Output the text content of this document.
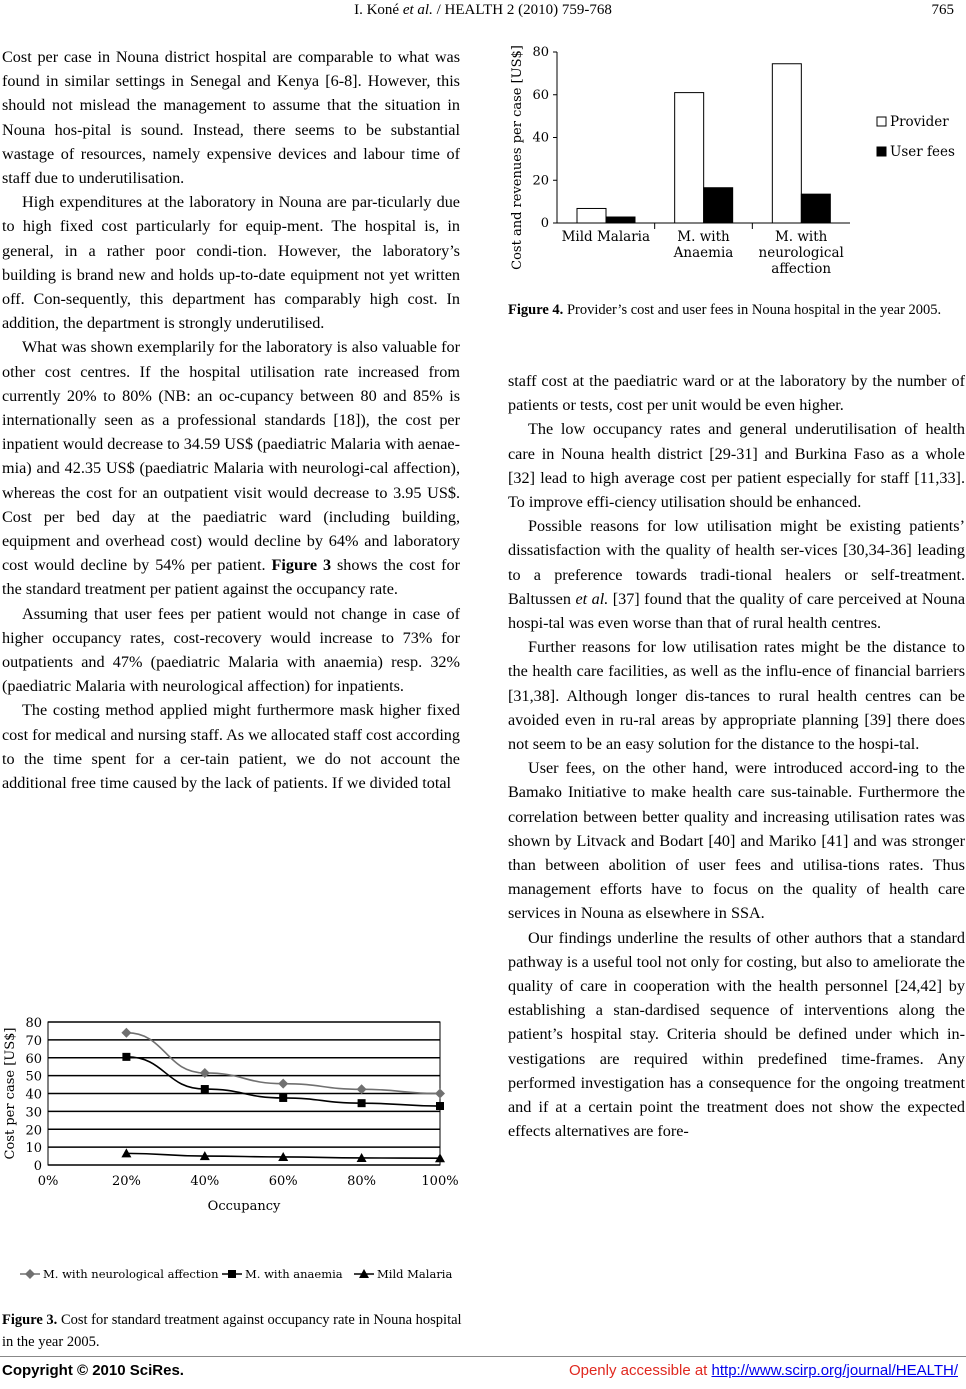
I. Koné et al. / HEALTH 2 (2010) 759-768	765

Cost per case in Nouna district hospital are comparable to what was found in similar settings in Senegal and Kenya [6-8]. However, this should not mislead the management to assume that the situation in Nouna hos-pital is sound. Instead, there seems to be substantial wastage of resources, namely expensive devices and labour time of staff due to underutilisation.

High expenditures at the laboratory in Nouna are par-ticularly due to high fixed cost particularly for equip-ment. The hospital is, in general, in a rather poor condi-tion. However, the laboratory’s building is brand new and holds up-to-date equipment not yet written off. Con-sequently, this department has comparably high cost. In addition, the department is strongly underutilised.

What was shown exemplarily for the laboratory is also valuable for other cost centres. If the hospital utilisation rate increased from currently 20% to 80% (NB: an oc-cupancy between 80 and 85% is internationally seen as a professional standards [18]), the cost per inpatient would decrease to 34.59 US$ (paediatric Malaria with aenae-mia) and 42.35 US$ (paediatric Malaria with neurologi-cal affection), whereas the cost for an outpatient visit would decrease to 3.95 US$. Cost per bed day at the paediatric ward (including building, equipment and overhead cost) would decline by 64% and laboratory cost would decline by 54% per patient. Figure 3 shows the cost for the standard treatment per patient against the occupancy rate.

Assuming that user fees per patient would not change in case of higher occupancy rates, cost-recovery would increase to 73% for outpatients and 47% (paediatric Malaria with anaemia) resp. 32% (paediatric Malaria with neurological affection) for inpatients.

The costing method applied might furthermore mask higher fixed cost for medical and nursing staff. As we allocated staff cost according to the time spent for a cer-tain patient, we do not account the additional free time caused by the lack of patients. If we divided total

0
10
20
30
40
50
60
70
80
0%	20%	40%	60%	80%	100%
Cost per case [US$]
Occupancy
M. with neurological affection M. with anaemia	Mild Malaria
Figure 3. Cost for standard treatment against occupancy rate in Nouna hospital in the year 2005.
0
20
40
60
80
Cost and revenues per case [US$]	Mild Malaria M. with
Anaemia
M. with
neurological
affection
Provider
User fees
Figure 4. Provider’s cost and user fees in Nouna hospital in the year 2005.

staff cost at the paediatric ward or at the laboratory by the number of patients or tests, cost per unit would be even higher.

The low occupancy rates and general underutilisation of health care in Nouna health district [29-31] and Burkina Faso as a whole [32] lead to high average cost per patient especially for staff [11,33]. To improve effi-ciency utilisation should be enhanced.

Possible reasons for low utilisation might be existing patients’ dissatisfaction with the quality of health ser-vices [30,34-36] leading to a preference towards tradi-tional healers or self-treatment. Baltussen et al. [37] found that the quality of care perceived at Nouna hospi-tal was even worse than that of rural health centres.

Further reasons for low utilisation rates might be the distance to the health care facilities, as well as the influ-ence of financial barriers [31,38]. Although longer dis-tances to rural health centres can be avoided even in ru-ral areas by appropriate planning [39] there does not seem to be an easy solution for the distance to the hospi-tal.

User fees, on the other hand, were introduced accord-ing to the Bamako Initiative to make health care sus-tainable. Furthermore the correlation between better quality and increasing utilisation rates was shown by Litvack and Bodart [40] and Mariko [41] and was stronger than between abolition of user fees and utilisa-tions rates. Thus management efforts have to focus on the quality of health care services in Nouna as elsewhere in SSA.

Our findings underline the results of other authors that a standard pathway is a useful tool not only for costing, but also to ameliorate the quality of care in cooperation with the health personnel [24,42] by establishing a stan-dardised sequence of interventions along the patient’s hospital stay. Criteria should be defined under which in-vestigations are required within predefined time-frames. Any performed investigation has a consequence for the ongoing treatment and if at a certain point the treatment does not show the expected effects alternatives are fore-

Copyright © 2010 SciRes.	Openly accessible at http://www.scirp.org/journal/HEALTH/
